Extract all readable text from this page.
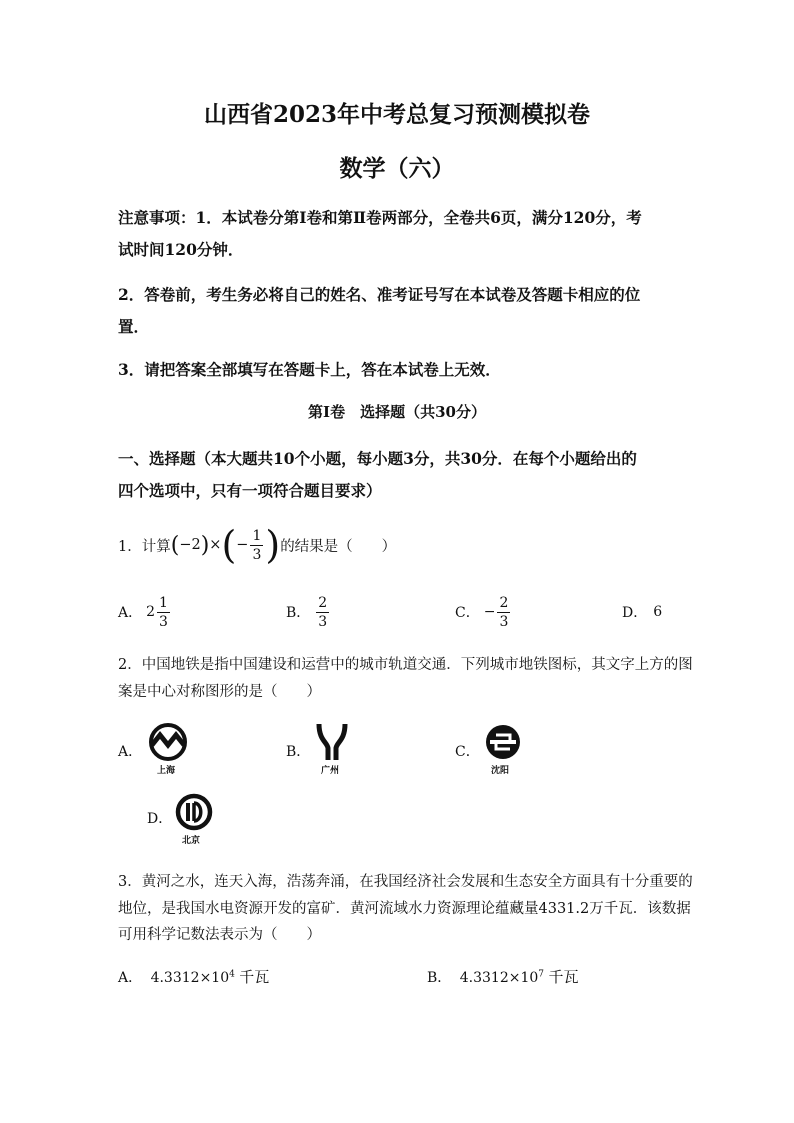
山西省2023年中考总复习预测模拟卷
数学（六）
注意事项：1．本试卷分第Ⅰ卷和第Ⅱ卷两部分，全卷共6页，满分120分，考
试时间120分钟．
2．答卷前，考生务必将自己的姓名、准考证号写在本试卷及答题卡相应的位
置．
3．请把答案全部填写在答题卡上，答在本试卷上无效．
第Ⅰ卷　选择题（共30分）
一、选择题（本大题共10个小题，每小题3分，共30分．在每个小题给出的
四个选项中，只有一项符合题目要求）
1．计算 ( −2 ) × ( − $\frac{1}{3}$ ) 的结果是（　　）
A． $2 \frac{1}{3}$	B． $\frac{2}{3}$	C． − $\frac{2}{3}$	D． 6
2．中国地铁是指中国建设和运营中的城市轨道交通．下列城市地铁图标，其文字上方的图
案是中心对称图形的是（　　）
A．
上海
B．
广州
C．
沈阳
D．
北京
3．黄河之水，连天入海，浩荡奔涌，在我国经济社会发展和生态安全方面具有十分重要的
地位，是我国水电资源开发的富矿．黄河流域水力资源理论蕴藏量4331.2万千瓦．该数据
可用科学记数法表示为（　　）
A． $4.3312\times 10^4$ 千瓦	B． $4.3312\times 10^7$ 千瓦
